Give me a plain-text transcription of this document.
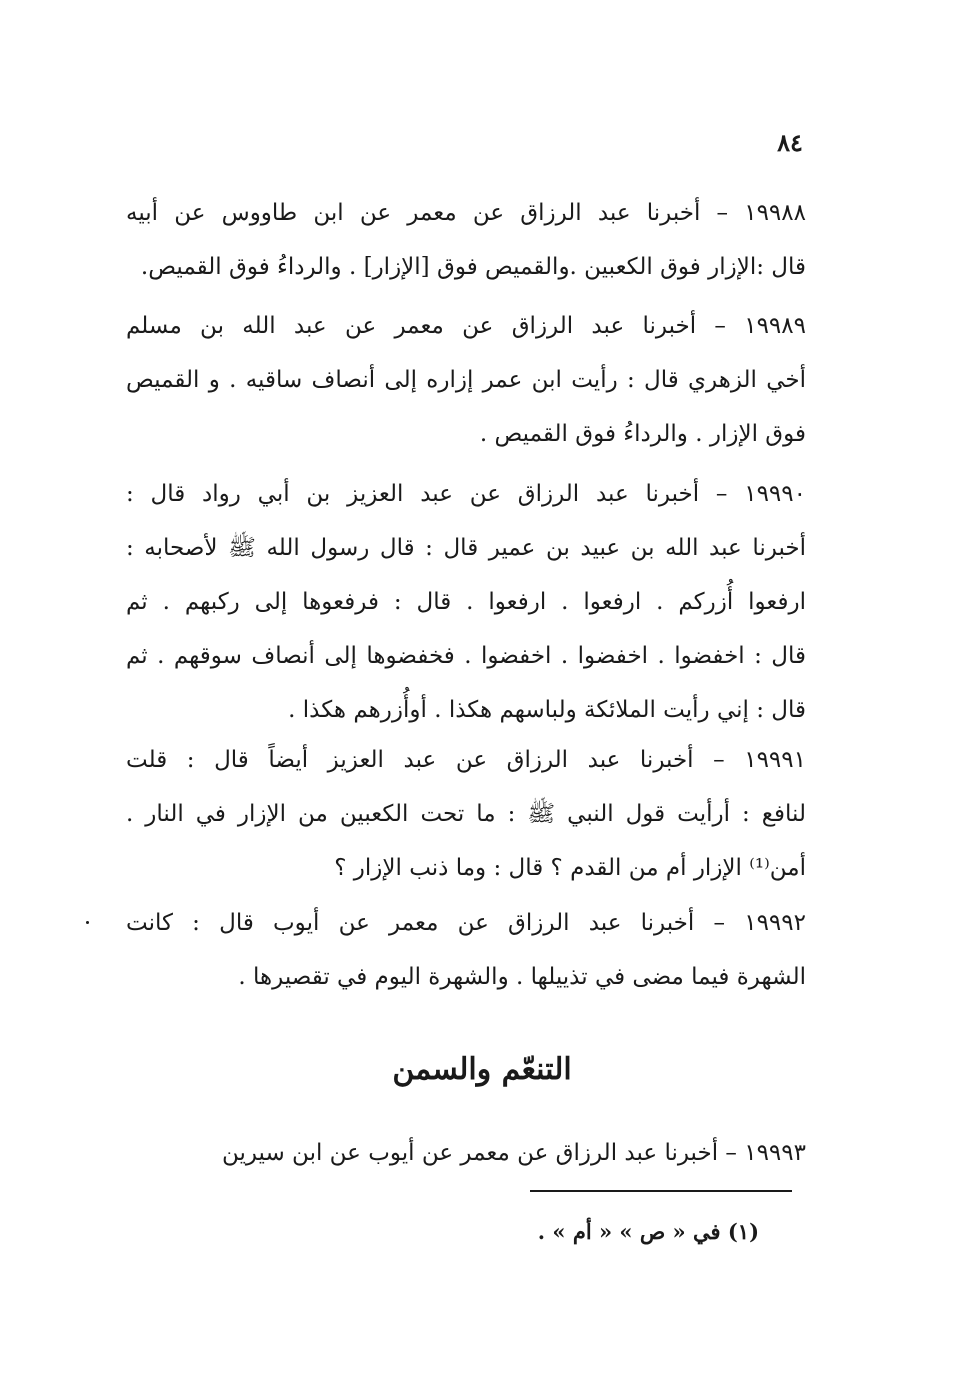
٨٤
١٩٩٨٨ – أخبرنا عبد الرزاق عن معمر عن ابن طاووس عن أبيه
قال :الإزار فوق الكعبين .والقميص فوق [الإزار] . والرداءُ فوق القميص.
١٩٩٨٩ – أخبرنا عبد الرزاق عن معمر عن عبد الله بن مسلم
أخي الزهري قال : رأيت ابن عمر إزاره إلى أنصاف ساقيه . و القميص
فوق الإزار . والرداءُ فوق القميص .
١٩٩٩٠ – أخبرنا عبد الرزاق عن عبد العزيز بن أبي رواد قال :
أخبرنا عبد الله بن عبيد بن عمير قال : قال رسول الله ﷺ لأصحابه :
ارفعوا أُزركم . ارفعوا . ارفعوا . قال : فرفعوها إلى ركبهم . ثم
قال : اخفضوا . اخفضوا . اخفضوا . فخفضوها إلى أنصاف سوقهم . ثم
قال : إني رأيت الملائكة ولباسهم هكذا . أوأُزرهم هكذا .
١٩٩٩١ – أخبرنا عبد الرزاق عن عبد العزيز أيضاً قال : قلت
لنافع : أرأيت قول النبي ﷺ : ما تحت الكعبين من الإزار في النار .
أمن⁽¹⁾ الإزار أم من القدم ؟ قال : وما ذنب الإزار ؟
١٩٩٩٢ – أخبرنا عبد الرزاق عن معمر عن أيوب قال : كانت
الشهرة فيما مضى في تذييلها . والشهرة اليوم في تقصيرها .
التنعّم والسمن
١٩٩٩٣ – أخبرنا عبد الرزاق عن معمر عن أيوب عن ابن سيرين
(١) في « ص » « أم » .
